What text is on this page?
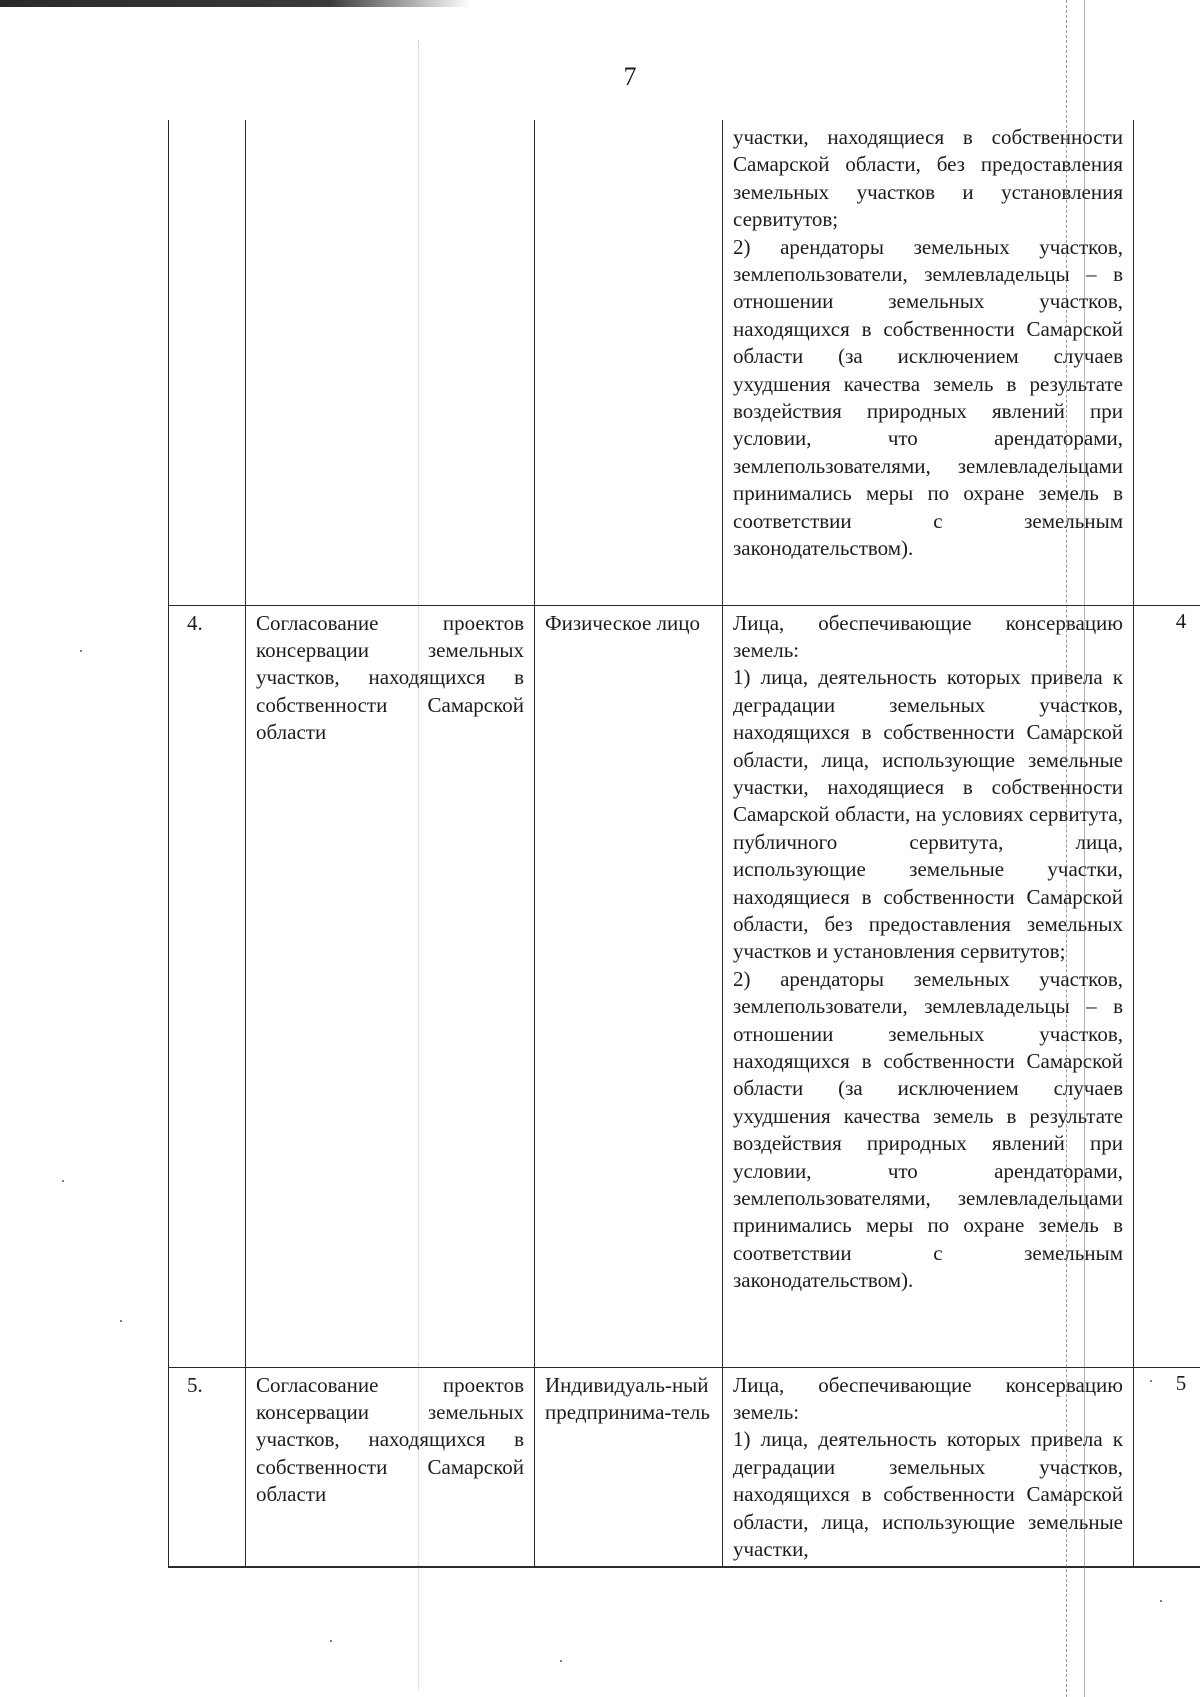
7

			участки, находящиеся в собственности Самарской области, без предоставления земельных участков и установления сервитутов;
2) арендаторы земельных участков, землепользователи, землевладельцы – в отношении земельных участков, находящихся в собственности Самарской области (за исключением случаев ухудшения качества земель в результате воздействия природных явлений при условии, что арендаторами, землепользователями, землевладельцами принимались меры по охране земель в соответствии с земельным законодательством).	

4.	Согласование проектов консервации земельных участков, находящихся в собственности Самарской области	Физическое лицо	Лица, обеспечивающие консервацию земель:
1) лица, деятельность которых привела к деградации земельных участков, находящихся в собственности Самарской области, лица, использующие земельные участки, находящиеся в собственности Самарской области, на условиях сервитута, публичного сервитута, лица, использующие земельные участки, находящиеся в собственности Самарской области, без предоставления земельных участков и установления сервитутов;
2) арендаторы земельных участков, землепользователи, землевладельцы – в отношении земельных участков, находящихся в собственности Самарской области (за исключением случаев ухудшения качества земель в результате воздействия природных явлений при условии, что арендаторами, землепользователями, землевладельцами принимались меры по охране земель в соответствии с земельным законодательством).	4
5.	Согласование проектов консервации земельных участков, находящихся в собственности Самарской области	Индивидуаль-ный предпринима-тель	Лица, обеспечивающие консервацию земель:
1) лица, деятельность которых привела к деградации земельных участков, находящихся в собственности Самарской области, лица, использующие земельные участки,	5
